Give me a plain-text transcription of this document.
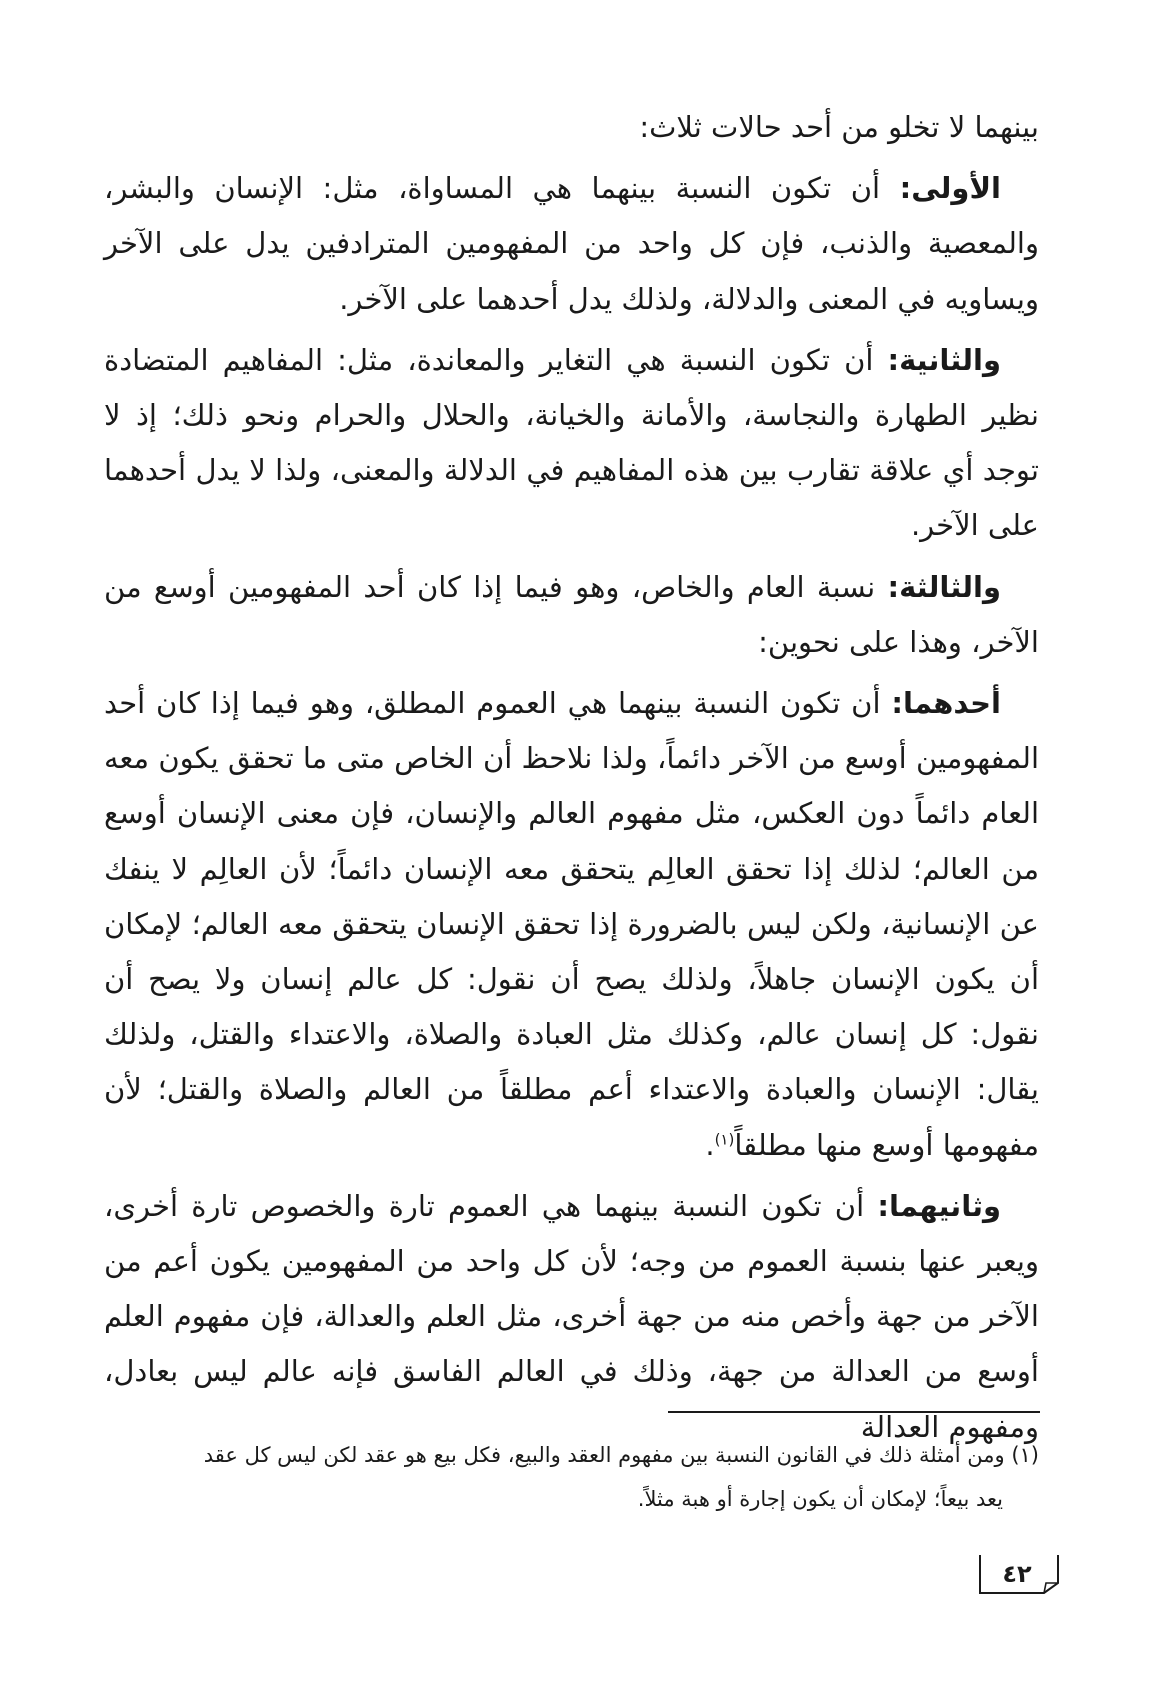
بينهما لا تخلو من أحد حالات ثلاث:

الأولى: أن تكون النسبة بينهما هي المساواة، مثل: الإنسان والبشر، والمعصية والذنب، فإن كل واحد من المفهومين المترادفين يدل على الآخر ويساويه في المعنى والدلالة، ولذلك يدل أحدهما على الآخر.

والثانية: أن تكون النسبة هي التغاير والمعاندة، مثل: المفاهيم المتضادة نظير الطهارة والنجاسة، والأمانة والخيانة، والحلال والحرام ونحو ذلك؛ إذ لا توجد أي علاقة تقارب بين هذه المفاهيم في الدلالة والمعنى، ولذا لا يدل أحدهما على الآخر.

والثالثة: نسبة العام والخاص، وهو فيما إذا كان أحد المفهومين أوسع من الآخر، وهذا على نحوين:

أحدهما: أن تكون النسبة بينهما هي العموم المطلق، وهو فيما إذا كان أحد المفهومين أوسع من الآخر دائماً، ولذا نلاحظ أن الخاص متى ما تحقق يكون معه العام دائماً دون العكس، مثل مفهوم العالم والإنسان، فإن معنى الإنسان أوسع من العالم؛ لذلك إذا تحقق العالِم يتحقق معه الإنسان دائماً؛ لأن العالِم لا ينفك عن الإنسانية، ولكن ليس بالضرورة إذا تحقق الإنسان يتحقق معه العالم؛ لإمكان أن يكون الإنسان جاهلاً، ولذلك يصح أن نقول: كل عالم إنسان ولا يصح أن نقول: كل إنسان عالم، وكذلك مثل العبادة والصلاة، والاعتداء والقتل، ولذلك يقال: الإنسان والعبادة والاعتداء أعم مطلقاً من العالم والصلاة والقتل؛ لأن مفهومها أوسع منها مطلقاً$^{(١)}$.

وثانيهما: أن تكون النسبة بينهما هي العموم تارة والخصوص تارة أخرى، ويعبر عنها بنسبة العموم من وجه؛ لأن كل واحد من المفهومين يكون أعم من الآخر من جهة وأخص منه من جهة أخرى، مثل العلم والعدالة، فإن مفهوم العلم أوسع من العدالة من جهة، وذلك في العالم الفاسق فإنه عالم ليس بعادل، ومفهوم العدالة

(١) ومن أمثلة ذلك في القانون النسبة بين مفهوم العقد والبيع، فكل بيع هو عقد لكن ليس كل عقد

يعد بيعاً؛ لإمكان أن يكون إجارة أو هبة مثلاً.

٤٢
